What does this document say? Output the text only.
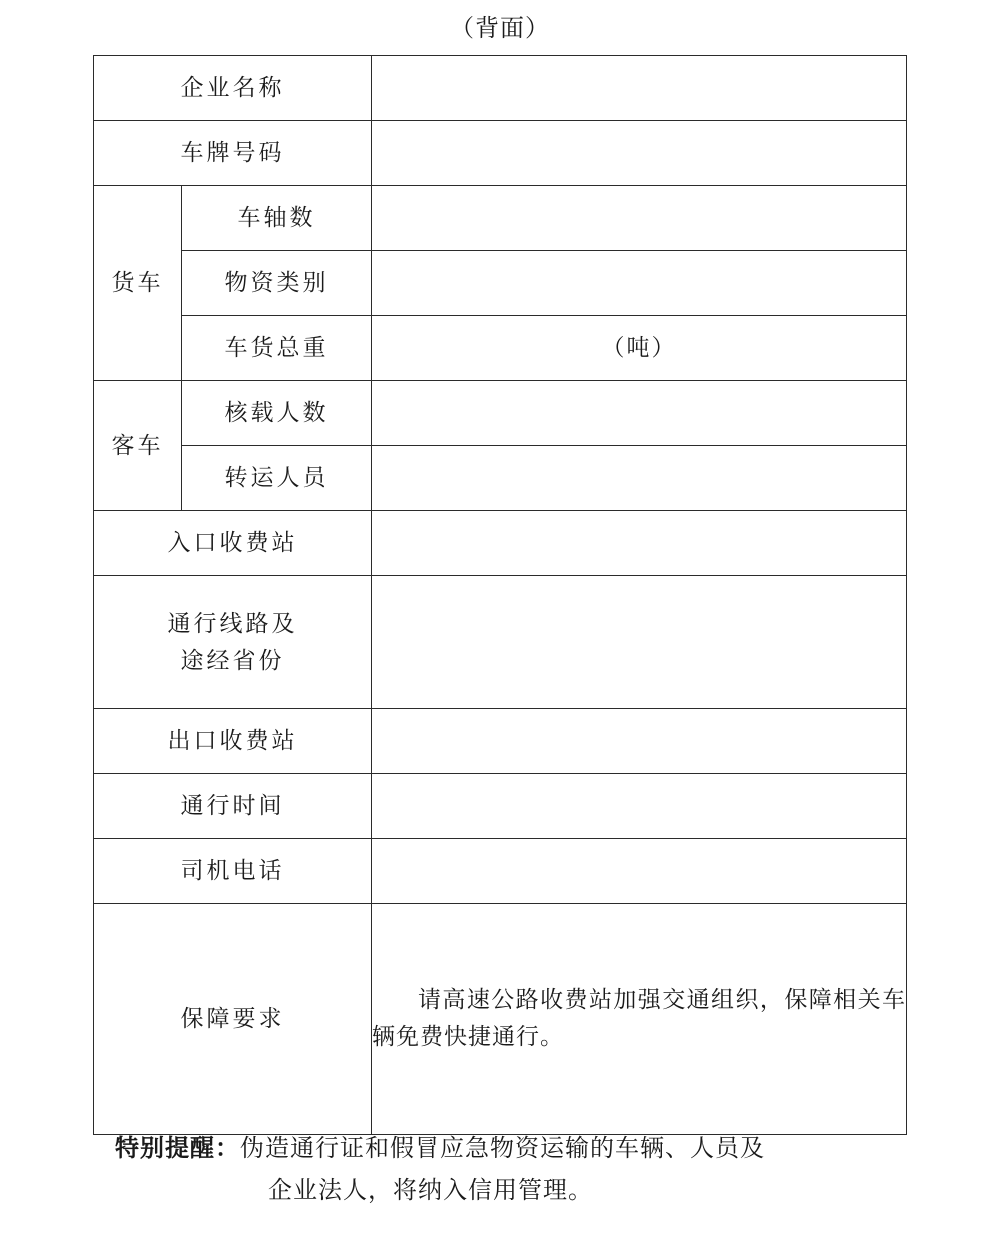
（背面）
企业名称		
车牌号码		
货车	车轴数	
	物资类别	
	车货总重	（吨）
客车	核载人数	
	转运人员	
入口收费站		

通行线路及
途经省份		

出口收费站		
通行时间		
司机电话		
保障要求		请高速公路收费站加强交通组织，保障相关车辆免费快捷通行。

特别提醒：伪造通行证和假冒应急物资运输的车辆、人员及
企业法人，将纳入信用管理。
